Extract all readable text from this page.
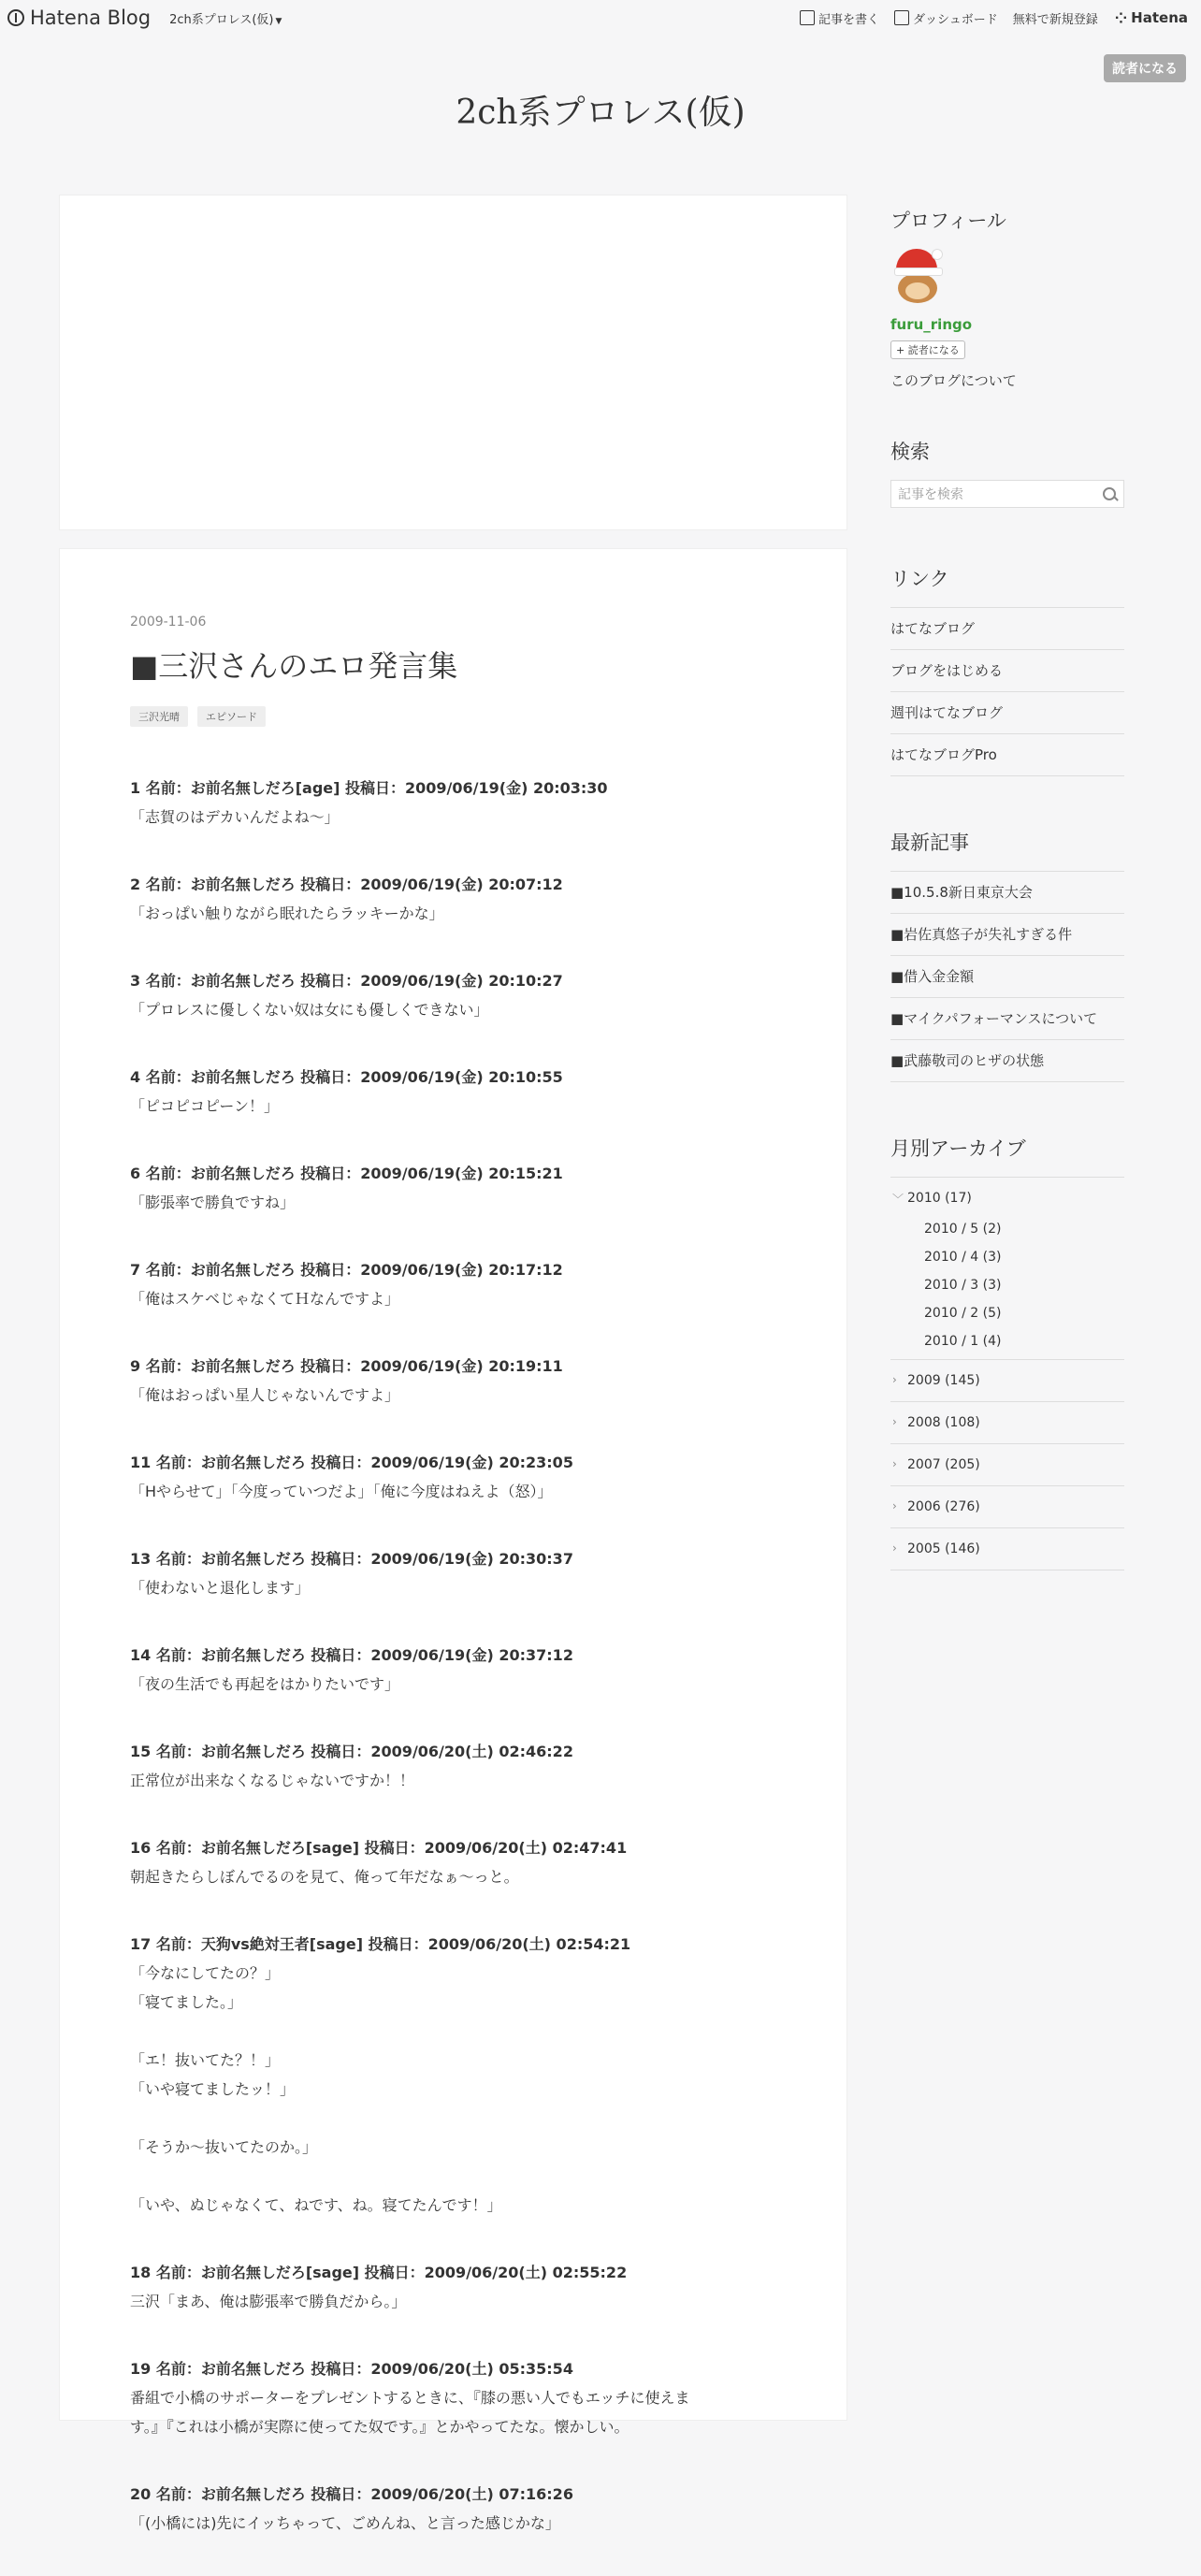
Hatena Blog 2ch系プロレス(仮) ▼	記事を書く	ダッシュボード 無料で新規登録 ⁘ Hatena
読者になる
2ch系プロレス(仮)
2009-11-06
■三沢さんのエロ発言集
三沢光晴	エピソード
1 名前：お前名無しだろ[age] 投稿日：2009/06/19(金) 20:03:30
「志賀のはデカいんだよね〜」
2 名前：お前名無しだろ 投稿日：2009/06/19(金) 20:07:12
「おっぱい触りながら眠れたらラッキーかな」
3 名前：お前名無しだろ 投稿日：2009/06/19(金) 20:10:27
「プロレスに優しくない奴は女にも優しくできない」
4 名前：お前名無しだろ 投稿日：2009/06/19(金) 20:10:55
「ピコピコピーン！」
6 名前：お前名無しだろ 投稿日：2009/06/19(金) 20:15:21
「膨張率で勝負ですね」
7 名前：お前名無しだろ 投稿日：2009/06/19(金) 20:17:12
「俺はスケベじゃなくてＨなんですよ」
9 名前：お前名無しだろ 投稿日：2009/06/19(金) 20:19:11
「俺はおっぱい星人じゃないんですよ」
11 名前：お前名無しだろ 投稿日：2009/06/19(金) 20:23:05
「Hやらせて」「今度っていつだよ」「俺に今度はねえよ（怒）」
13 名前：お前名無しだろ 投稿日：2009/06/19(金) 20:30:37
「使わないと退化します」
14 名前：お前名無しだろ 投稿日：2009/06/19(金) 20:37:12
「夜の生活でも再起をはかりたいです」
15 名前：お前名無しだろ 投稿日：2009/06/20(土) 02:46:22
正常位が出来なくなるじゃないですか！！
16 名前：お前名無しだろ[sage] 投稿日：2009/06/20(土) 02:47:41
朝起きたらしぼんでるのを見て、俺って年だなぁ〜っと。
17 名前：天狗vs絶対王者[sage] 投稿日：2009/06/20(土) 02:54:21
「今なにしてたの？」
「寝てました。」
「エ！抜いてた？！」
「いや寝てましたッ！」
「そうか〜抜いてたのか。」
「いや、ぬじゃなくて、ねです、ね。寝てたんです！」
18 名前：お前名無しだろ[sage] 投稿日：2009/06/20(土) 02:55:22
三沢「まあ、俺は膨張率で勝負だから。」
19 名前：お前名無しだろ 投稿日：2009/06/20(土) 05:35:54
番組で小橋のサポーターをプレゼントするときに、『膝の悪い人でもエッチに使えま
す。』『これは小橋が実際に使ってた奴です。』とかやってたな。懐かしい。
20 名前：お前名無しだろ 投稿日：2009/06/20(土) 07:16:26
「(小橋には)先にイッちゃって、ごめんね、と言った感じかな」
プロフィール
furu_ringo
+ 読者になる
このブログについて
検索
記事を検索
リンク
はてなブログ
ブログをはじめる
週刊はてなブログ
はてなブログPro
最新記事
■10.5.8新日東京大会
■岩佐真悠子が失礼すぎる件
■借入金金額
■マイクパフォーマンスについて
■武藤敬司のヒザの状態
月別アーカイブ
﹀ 2010 (17)
2010 / 5 (2)
2010 / 4 (3)
2010 / 3 (3)
2010 / 2 (5)
2010 / 1 (4)
› 2009 (145)
› 2008 (108)
› 2007 (205)
› 2006 (276)
› 2005 (146)
